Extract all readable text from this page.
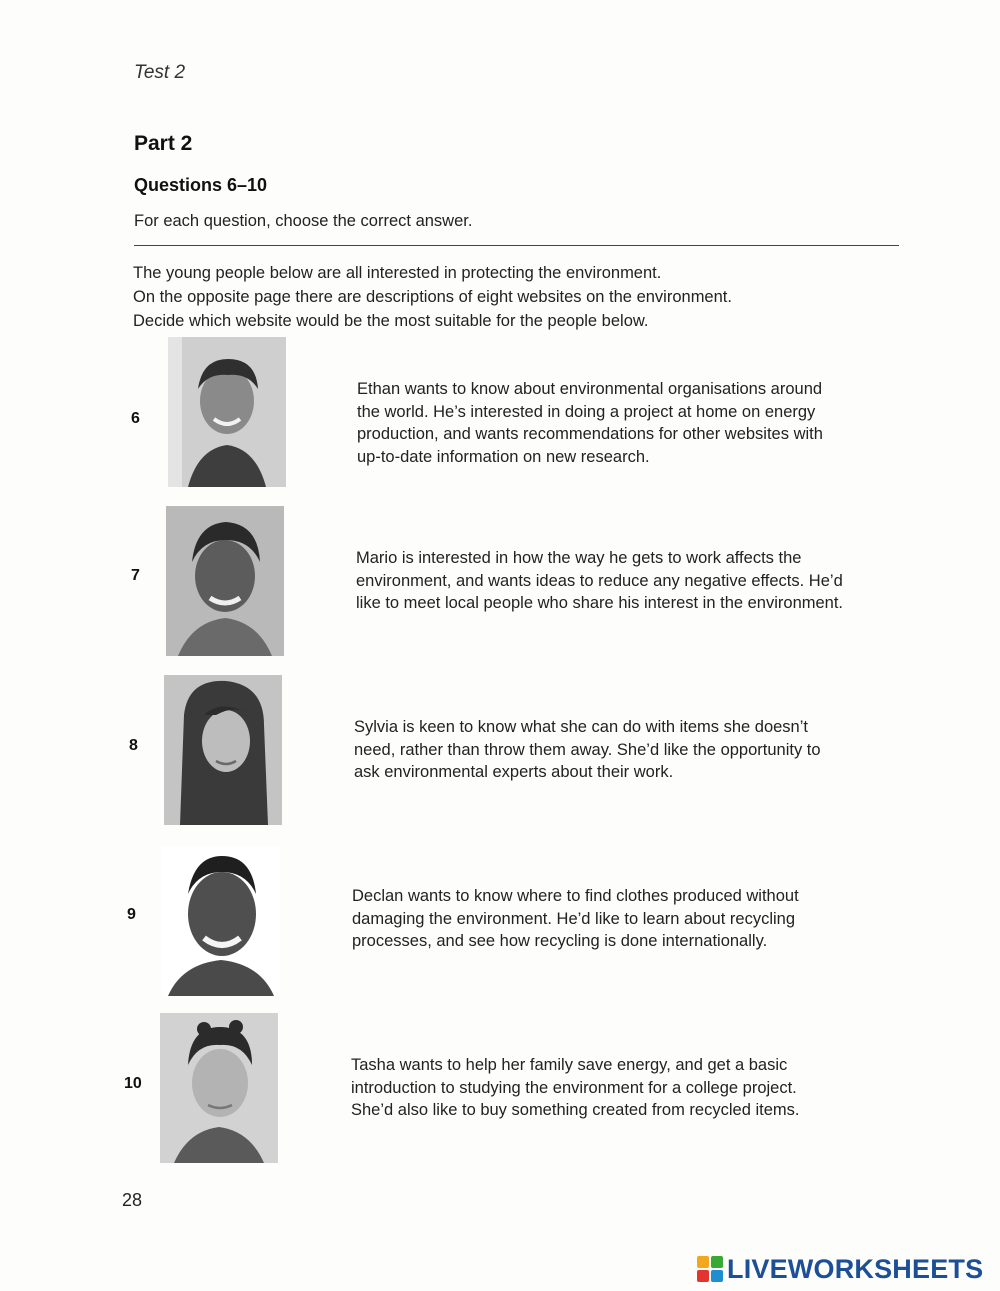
Test 2
Part 2
Questions 6–10
For each question, choose the correct answer.
The young people below are all interested in protecting the environment.
On the opposite page there are descriptions of eight websites on the environment.
Decide which website would be the most suitable for the people below.
6
Ethan wants to know about environmental organisations around
the world. He’s interested in doing a project at home on energy
production, and wants recommendations for other websites with
up-to-date information on new research.
7
Mario is interested in how the way he gets to work affects the
environment, and wants ideas to reduce any negative effects. He’d
like to meet local people who share his interest in the environment.
8
Sylvia is keen to know what she can do with items she doesn’t
need, rather than throw them away. She’d like the opportunity to
ask environmental experts about their work.
9
Declan wants to know where to find clothes produced without
damaging the environment. He’d like to learn about recycling
processes, and see how recycling is done internationally.
10
Tasha wants to help her family save energy, and get a basic
introduction to studying the environment for a college project.
She’d also like to buy something created from recycled items.
28
LIVEWORKSHEETS
